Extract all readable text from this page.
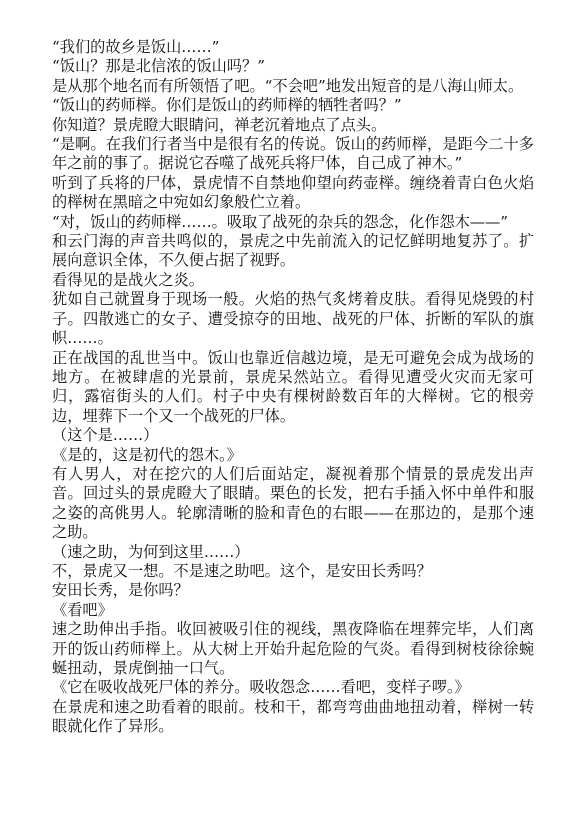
“我们的故乡是饭山……”

“饭山？那是北信浓的饭山吗？”

是从那个地名而有所领悟了吧。“不会吧”地发出短音的是八海山师太。

“饭山的药师榉。你们是饭山的药师榉的牺牲者吗？”

你知道？景虎瞪大眼睛问，禅老沉着地点了点头。

“是啊。在我们行者当中是很有名的传说。饭山的药师榉，是距今二十多年之前的事了。据说它吞噬了战死兵将尸体，自己成了神木。”

听到了兵将的尸体，景虎情不自禁地仰望向药壶榉。缠绕着青白色火焰的榉树在黑暗之中宛如幻象般伫立着。

“对，饭山的药师榉……。吸取了战死的杂兵的怨念，化作怨木——”

和云门海的声音共鸣似的，景虎之中先前流入的记忆鲜明地复苏了。扩展向意识全体，不久便占据了视野。

看得见的是战火之炎。

犹如自己就置身于现场一般。火焰的热气炙烤着皮肤。看得见烧毁的村子。四散逃亡的女子、遭受掠夺的田地、战死的尸体、折断的军队的旗帜……。

正在战国的乱世当中。饭山也靠近信越边境，是无可避免会成为战场的地方。在被肆虐的光景前，景虎呆然站立。看得见遭受火灾而无家可归，露宿街头的人们。村子中央有棵树龄数百年的大榉树。它的根旁边，埋葬下一个又一个战死的尸体。

（这个是……）

《是的，这是初代的怨木。》

有人男人，对在挖穴的人们后面站定，凝视着那个情景的景虎发出声音。回过头的景虎瞪大了眼睛。栗色的长发，把右手插入怀中单件和服之姿的高佻男人。轮廓清晰的脸和青色的右眼——在那边的，是那个速之助。

（速之助，为何到这里……）

不，景虎又一想。不是速之助吧。这个，是安田长秀吗？

安田长秀，是你吗？

《看吧》

速之助伸出手指。收回被吸引住的视线，黑夜降临在埋葬完毕，人们离开的饭山药师榉上。从大树上开始升起危险的气炎。看得到树枝徐徐蜿蜒扭动，景虎倒抽一口气。

《它在吸收战死尸体的养分。吸收怨念……看吧，变样子啰。》

在景虎和速之助看着的眼前。枝和干，都弯弯曲曲地扭动着，榉树一转眼就化作了异形。
